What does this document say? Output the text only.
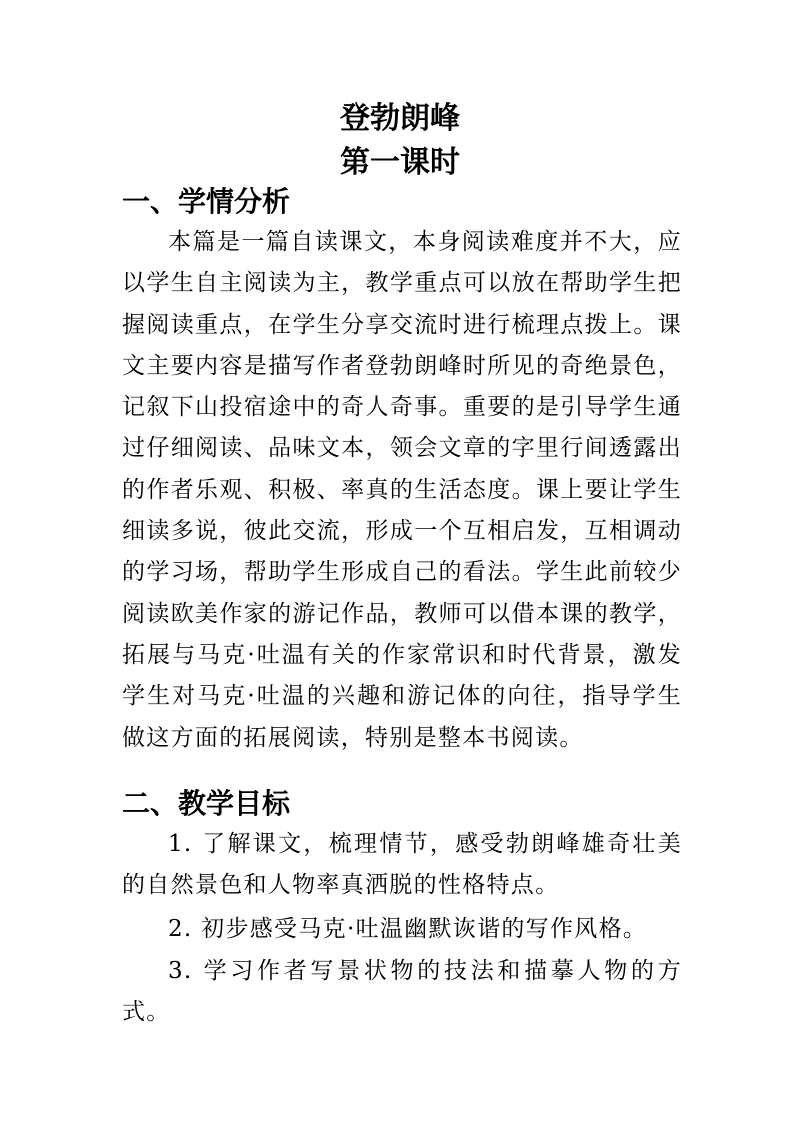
登勃朗峰
第一课时
一、学情分析

本篇是一篇自读课文，本身阅读难度并不大，应以学生自主阅读为主，教学重点可以放在帮助学生把握阅读重点，在学生分享交流时进行梳理点拨上。课文主要内容是描写作者登勃朗峰时所见的奇绝景色，记叙下山投宿途中的奇人奇事。重要的是引导学生通过仔细阅读、品味文本，领会文章的字里行间透露出的作者乐观、积极、率真的生活态度。课上要让学生细读多说，彼此交流，形成一个互相启发，互相调动的学习场，帮助学生形成自己的看法。学生此前较少阅读欧美作家的游记作品，教师可以借本课的教学，拓展与马克·吐温有关的作家常识和时代背景，激发学生对马克·吐温的兴趣和游记体的向往，指导学生做这方面的拓展阅读，特别是整本书阅读。

二、教学目标

1. 了解课文，梳理情节，感受勃朗峰雄奇壮美的自然景色和人物率真洒脱的性格特点。

2. 初步感受马克·吐温幽默诙谐的写作风格。

3. 学习作者写景状物的技法和描摹人物的方式。
